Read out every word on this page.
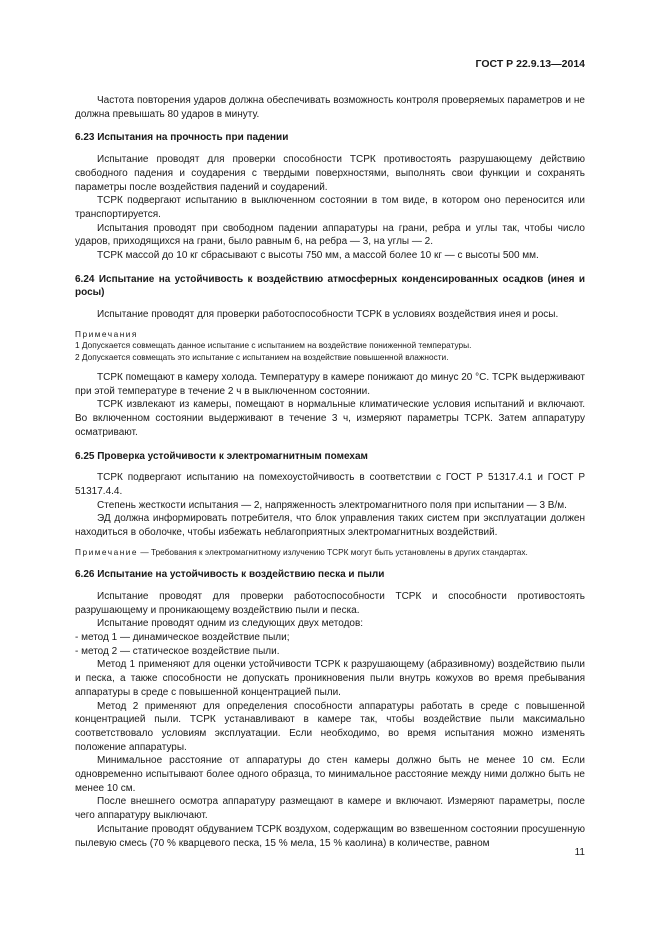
ГОСТ Р 22.9.13—2014

Частота повторения ударов должна обеспечивать возможность контроля проверяемых параметров и не должна превышать 80 ударов в минуту.

6.23 Испытания на прочность при падении

Испытание проводят для проверки способности ТСРК противостоять разрушающему действию свободного падения и соударения с твердыми поверхностями, выполнять свои функции и сохранять параметры после воздействия падений и соударений.

ТСРК подвергают испытанию в выключенном состоянии в том виде, в котором оно переносится или транспортируется.

Испытания проводят при свободном падении аппаратуры на грани, ребра и углы так, чтобы число ударов, приходящихся на грани, было равным 6, на ребра — 3, на углы — 2.

ТСРК массой до 10 кг сбрасывают с высоты 750 мм, а массой более 10 кг — с высоты 500 мм.

6.24 Испытание на устойчивость к воздействию атмосферных конденсированных осадков (инея и росы)

Испытание проводят для проверки работоспособности ТСРК в условиях воздействия инея и росы.

Примечания

1 Допускается совмещать данное испытание с испытанием на воздействие пониженной температуры.

2 Допускается совмещать это испытание с испытанием на воздействие повышенной влажности.

ТСРК помещают в камеру холода. Температуру в камере понижают до минус 20 °С. ТСРК выдерживают при этой температуре в течение 2 ч в выключенном состоянии.

ТСРК извлекают из камеры, помещают в нормальные климатические условия испытаний и включают. Во включенном состоянии выдерживают в течение 3 ч, измеряют параметры ТСРК. Затем аппаратуру осматривают.

6.25 Проверка устойчивости к электромагнитным помехам

ТСРК подвергают испытанию на помехоустойчивость в соответствии с ГОСТ Р 51317.4.1 и ГОСТ Р 51317.4.4.

Степень жесткости испытания — 2, напряженность электромагнитного поля при испытании — 3 В/м.

ЭД должна информировать потребителя, что блок управления таких систем при эксплуатации должен находиться в оболочке, чтобы избежать неблагоприятных электромагнитных воздействий.

Примечание — Требования к электромагнитному излучению ТСРК могут быть установлены в других стандартах.

6.26 Испытание на устойчивость к воздействию песка и пыли

Испытание проводят для проверки работоспособности ТСРК и способности противостоять разрушающему и проникающему воздействию пыли и песка.

Испытание проводят одним из следующих двух методов:

- метод 1 — динамическое воздействие пыли;

- метод 2 — статическое воздействие пыли.

Метод 1 применяют для оценки устойчивости ТСРК к разрушающему (абразивному) воздействию пыли и песка, а также способности не допускать проникновения пыли внутрь кожухов во время пребывания аппаратуры в среде с повышенной концентрацией пыли.

Метод 2 применяют для определения способности аппаратуры работать в среде с повышенной концентрацией пыли. ТСРК устанавливают в камере так, чтобы воздействие пыли максимально соответствовало условиям эксплуатации. Если необходимо, во время испытания можно изменять положение аппаратуры.

Минимальное расстояние от аппаратуры до стен камеры должно быть не менее 10 см. Если одновременно испытывают более одного образца, то минимальное расстояние между ними должно быть не менее 10 см.

После внешнего осмотра аппаратуру размещают в камере и включают. Измеряют параметры, после чего аппаратуру выключают.

Испытание проводят обдуванием ТСРК воздухом, содержащим во взвешенном состоянии просушенную пылевую смесь (70 % кварцевого песка, 15 % мела, 15 % каолина) в количестве, равном

11
